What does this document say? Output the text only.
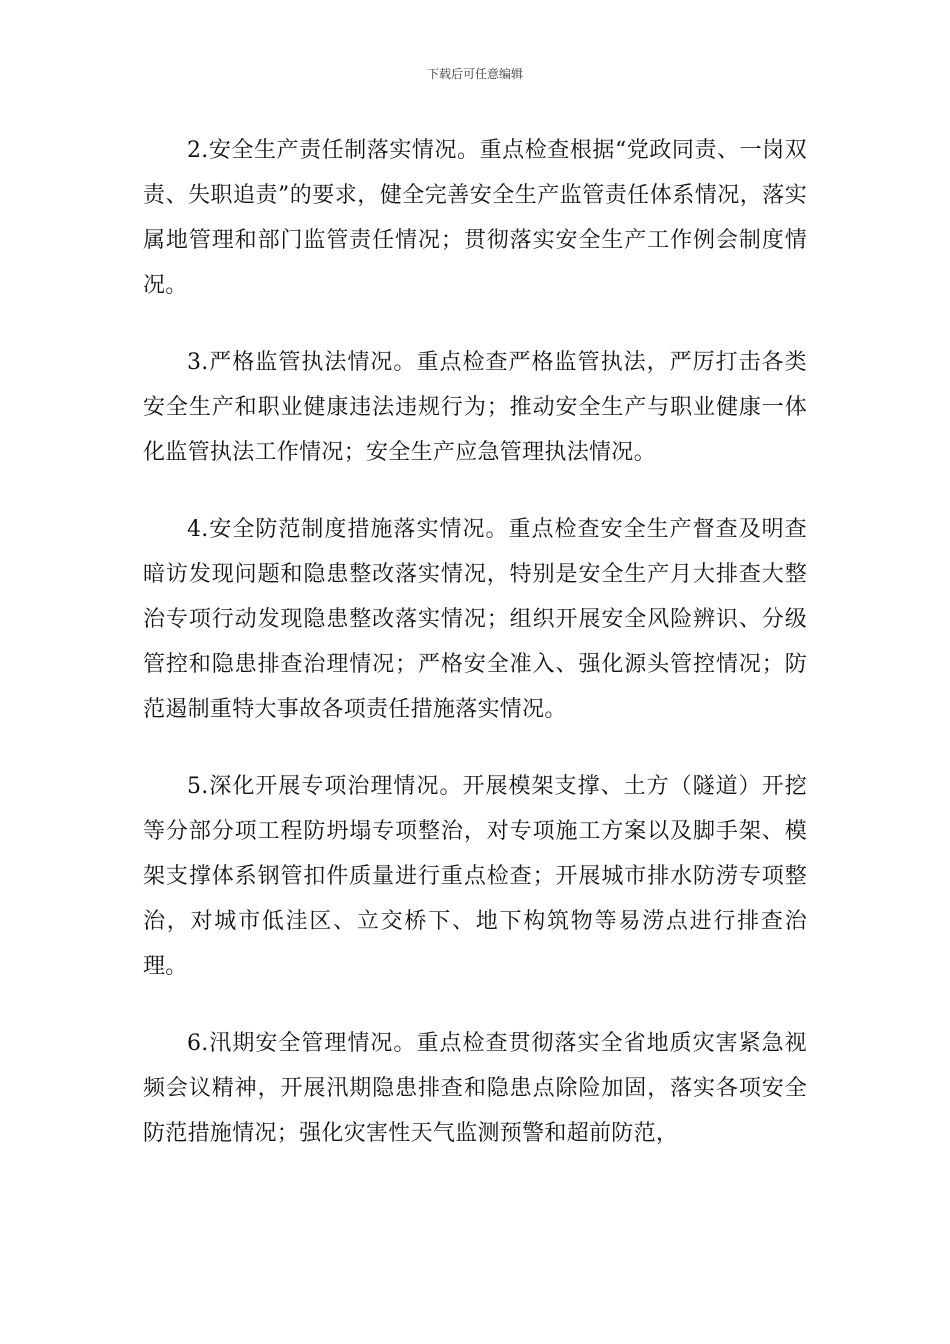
下载后可任意编辑

2.安全生产责任制落实情况。重点检查根据“党政同责、一岗双责、失职追责”的要求，健全完善安全生产监管责任体系情况，落实属地管理和部门监管责任情况；贯彻落实安全生产工作例会制度情况。

3.严格监管执法情况。重点检查严格监管执法，严厉打击各类安全生产和职业健康违法违规行为；推动安全生产与职业健康一体化监管执法工作情况；安全生产应急管理执法情况。

4.安全防范制度措施落实情况。重点检查安全生产督查及明查暗访发现问题和隐患整改落实情况，特别是安全生产月大排查大整治专项行动发现隐患整改落实情况；组织开展安全风险辨识、分级管控和隐患排查治理情况；严格安全准入、强化源头管控情况；防范遏制重特大事故各项责任措施落实情况。

5.深化开展专项治理情况。开展模架支撑、土方（隧道）开挖等分部分项工程防坍塌专项整治，对专项施工方案以及脚手架、模架支撑体系钢管扣件质量进行重点检查；开展城市排水防涝专项整治，对城市低洼区、立交桥下、地下构筑物等易涝点进行排查治理。

6.汛期安全管理情况。重点检查贯彻落实全省地质灾害紧急视频会议精神，开展汛期隐患排查和隐患点除险加固，落实各项安全防范措施情况；强化灾害性天气监测预警和超前防范，
